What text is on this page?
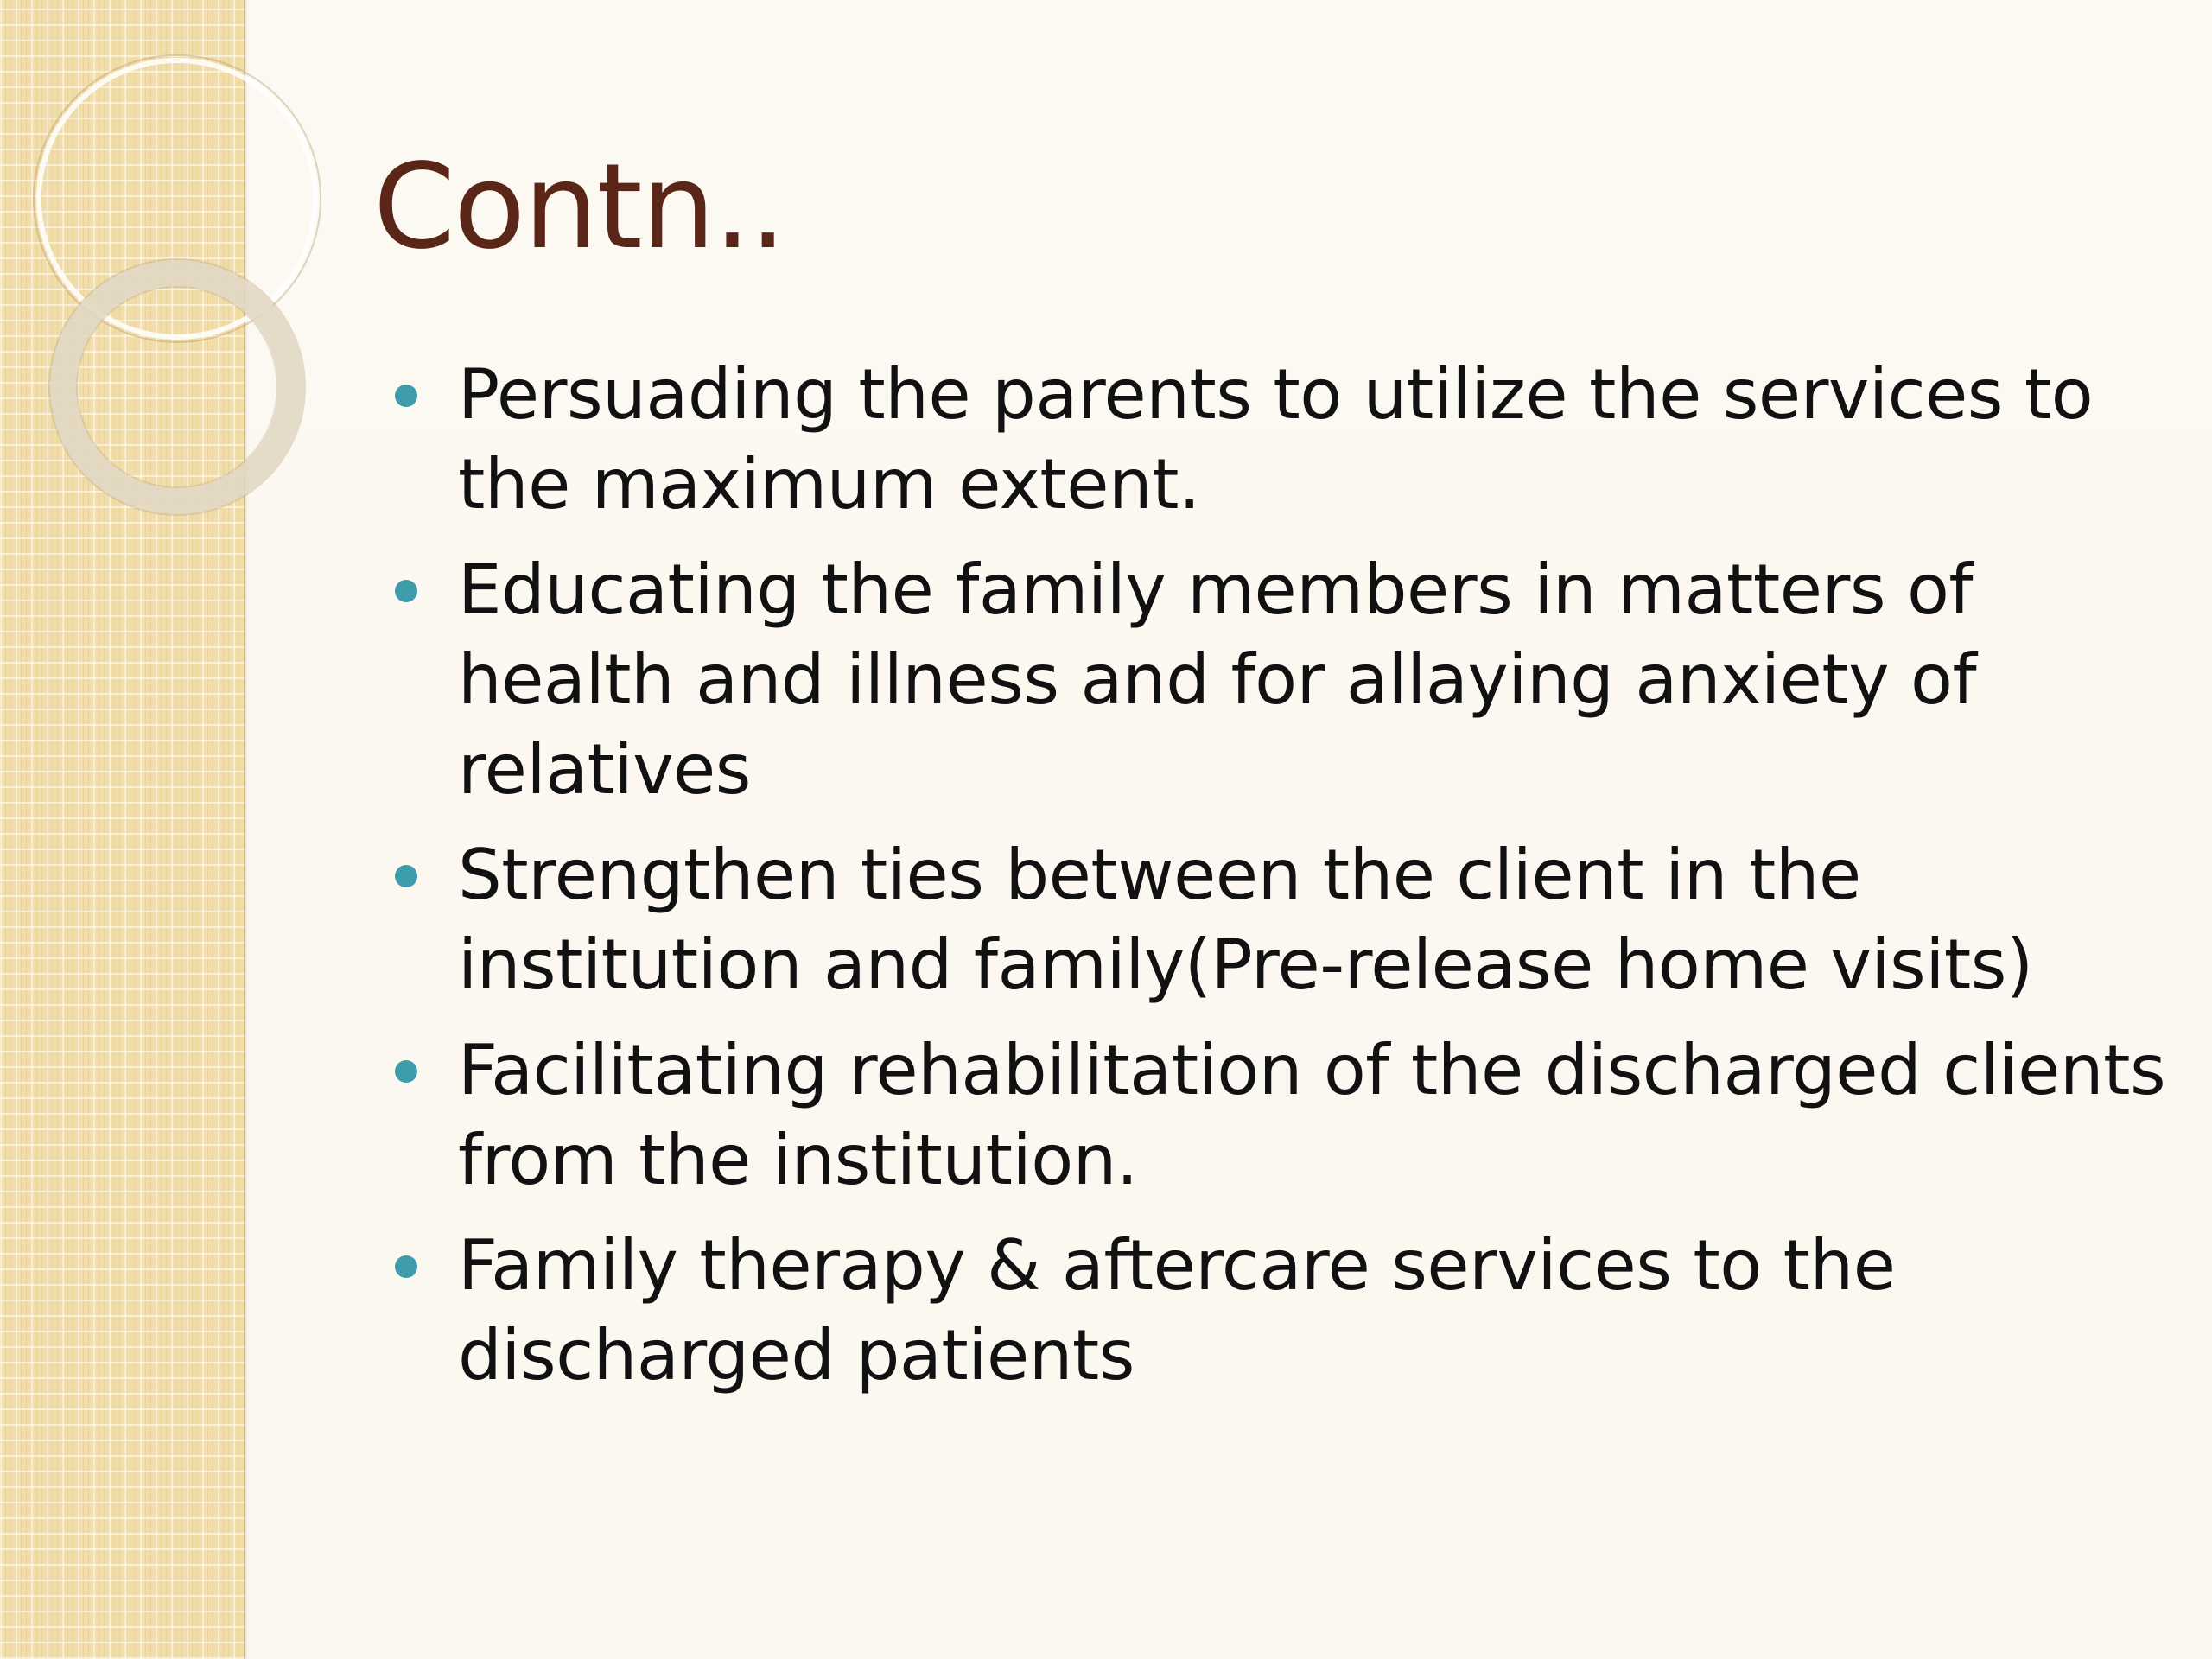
Contn..
Persuading the parents to utilize the services to the maximum extent.
Educating the family members in matters of health and illness and for allaying anxiety of relatives
Strengthen ties between the client in the institution and family(Pre-release home visits)
Facilitating rehabilitation of the discharged clients from the institution.
Family therapy & aftercare services to the discharged patients
